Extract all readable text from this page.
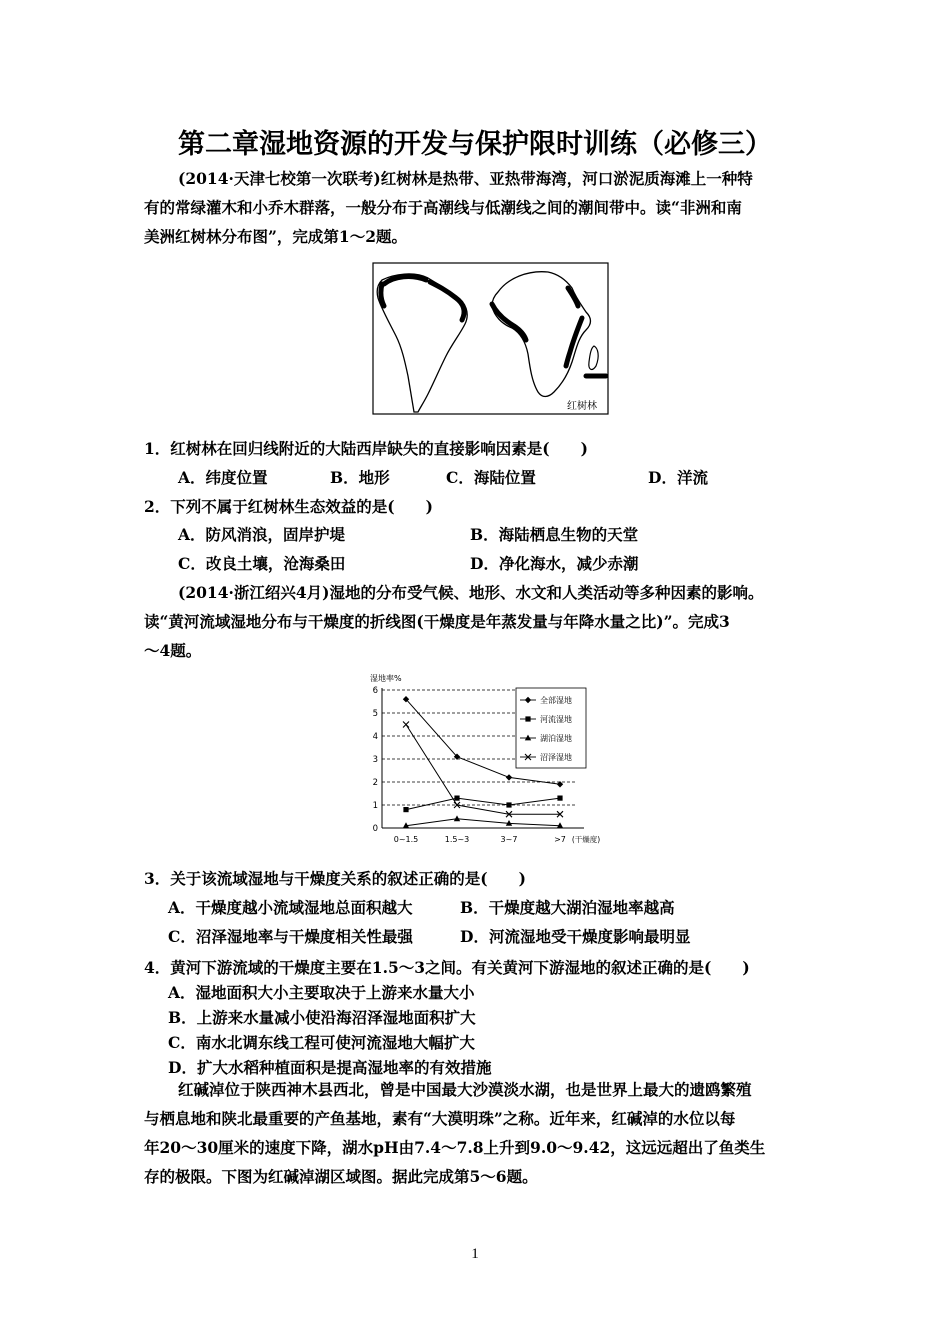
第二章湿地资源的开发与保护限时训练（必修三）
(2014·天津七校第一次联考)红树林是热带、亚热带海湾，河口淤泥质海滩上一种特
有的常绿灌木和小乔木群落，一般分布于高潮线与低潮线之间的潮间带中。读“非洲和南
美洲红树林分布图”，完成第1～2题。
红树林
1．红树林在回归线附近的大陆西岸缺失的直接影响因素是(　　)
A．纬度位置	B．地形	C．海陆位置	D．洋流
2．下列不属于红树林生态效益的是(　　)
A．防风消浪，固岸护堤	B．海陆栖息生物的天堂
C．改良土壤，沧海桑田	D．净化海水，减少赤潮
(2014·浙江绍兴4月)湿地的分布受气候、地形、水文和人类活动等多种因素的影响。
读“黄河流域湿地分布与干燥度的折线图(干燥度是年蒸发量与年降水量之比)”。完成3
～4题。
湿地率%
0
1
2
3
4
5
6
0~1.5	1.5~3	3~7	>7 (干燥度)
全部湿地
河流湿地
湖泊湿地
沼泽湿地
3．关于该流域湿地与干燥度关系的叙述正确的是(　　)
A．干燥度越小流域湿地总面积越大	B．干燥度越大湖泊湿地率越高
C．沼泽湿地率与干燥度相关性最强	D．河流湿地受干燥度影响最明显
4．黄河下游流域的干燥度主要在1.5～3之间。有关黄河下游湿地的叙述正确的是(　　)
A．湿地面积大小主要取决于上游来水量大小
B．上游来水量减小使沿海沼泽湿地面积扩大
C．南水北调东线工程可使河流湿地大幅扩大
D．扩大水稻种植面积是提高湿地率的有效措施
红碱淖位于陕西神木县西北，曾是中国最大沙漠淡水湖，也是世界上最大的遗鸥繁殖
与栖息地和陕北最重要的产鱼基地，素有“大漠明珠”之称。近年来，红碱淖的水位以每
年20～30厘米的速度下降，湖水pH由7.4～7.8上升到9.0～9.42，这远远超出了鱼类生
存的极限。下图为红碱淖湖区域图。据此完成第5～6题。
1
